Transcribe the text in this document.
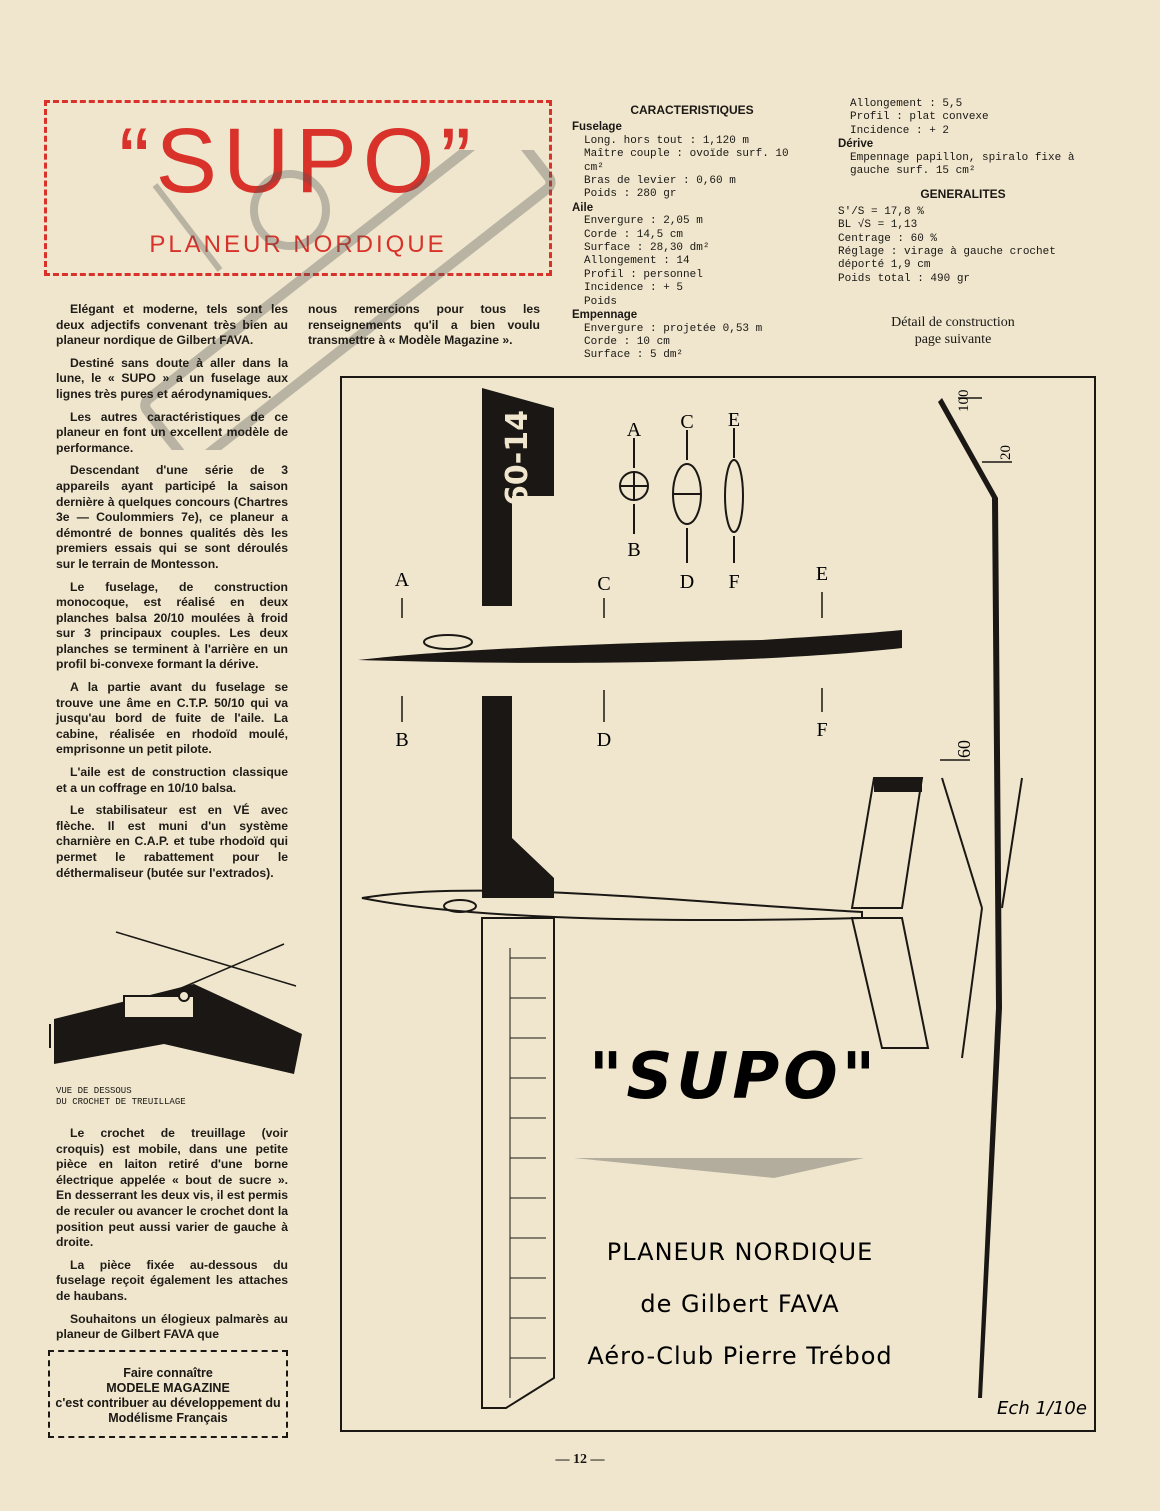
“SUPO”
PLANEUR NORDIQUE

Elégant et moderne, tels sont les deux adjectifs convenant très bien au planeur nordique de Gilbert FAVA.

Destiné sans doute à aller dans la lune, le « SUPO » a un fuselage aux lignes très pures et aérodynamiques.

Les autres caractéristiques de ce planeur en font un excellent modèle de performance.

Descendant d'une série de 3 appareils ayant participé la saison dernière à quelques concours (Chartres 3e — Coulommiers 7e), ce planeur a démontré de bonnes qualités dès les premiers essais qui se sont déroulés sur le terrain de Montesson.

Le fuselage, de construction monocoque, est réalisé en deux planches balsa 20/10 moulées à froid sur 3 principaux couples. Les deux planches se terminent à l'arrière en un profil bi-convexe formant la dérive.

A la partie avant du fuselage se trouve une âme en C.T.P. 50/10 qui va jusqu'au bord de fuite de l'aile. La cabine, réalisée en rhodoïd moulé, emprisonne un petit pilote.

L'aile est de construction classique et a un coffrage en 10/10 balsa.

Le stabilisateur est en VÉ avec flèche. Il est muni d'un système charnière en C.A.P. et tube rhodoïd qui permet le rabattement pour le déthermaliseur (butée sur l'extrados).

nous remercions pour tous les renseignements qu'il a bien voulu transmettre à « Modèle Magazine ».

VUE DE DESSOUS
DU CROCHET DE TREUILLAGE

Le crochet de treuillage (voir croquis) est mobile, dans une petite pièce en laiton retiré d'une borne électrique appelée « bout de sucre ». En desserrant les deux vis, il est permis de reculer ou avancer le crochet dont la position peut aussi varier de gauche à droite.

La pièce fixée au-dessous du fuselage reçoit également les attaches de haubans.

Souhaitons un élogieux palmarès au planeur de Gilbert FAVA que

CARACTERISTIQUES
Fuselage
Long. hors tout : 1,120 m
Maître couple : ovoïde surf. 10 cm²
Bras de levier : 0,60 m
Poids : 280 gr
Aile
Envergure : 2,05 m
Corde : 14,5 cm
Surface : 28,30 dm²
Allongement : 14
Profil : personnel
Incidence : + 5
Poids
Empennage
Envergure : projetée 0,53 m
Corde : 10 cm
Surface : 5 dm²
Allongement : 5,5
Profil : plat convexe
Incidence : + 2
Dérive
Empennage papillon, spiralo fixe à gauche surf. 15 cm²
GENERALITES
S'/S = 17,8 %
BL √S = 1,13
Centrage : 60 %
Réglage : virage à gauche crochet déporté 1,9 cm
Poids total : 490 gr
Détail de construction
page suivante
60-14	A
B
C
D
E
F
A
B
C
D
E
F
100
20
60
"SUPO"
PLANEUR NORDIQUE
de Gilbert FAVA
Aéro-Club Pierre Trébod
Ech 1/10e
Faire connaître
MODELE MAGAZINE
c'est contribuer au développement du Modélisme Français
— 12 —
